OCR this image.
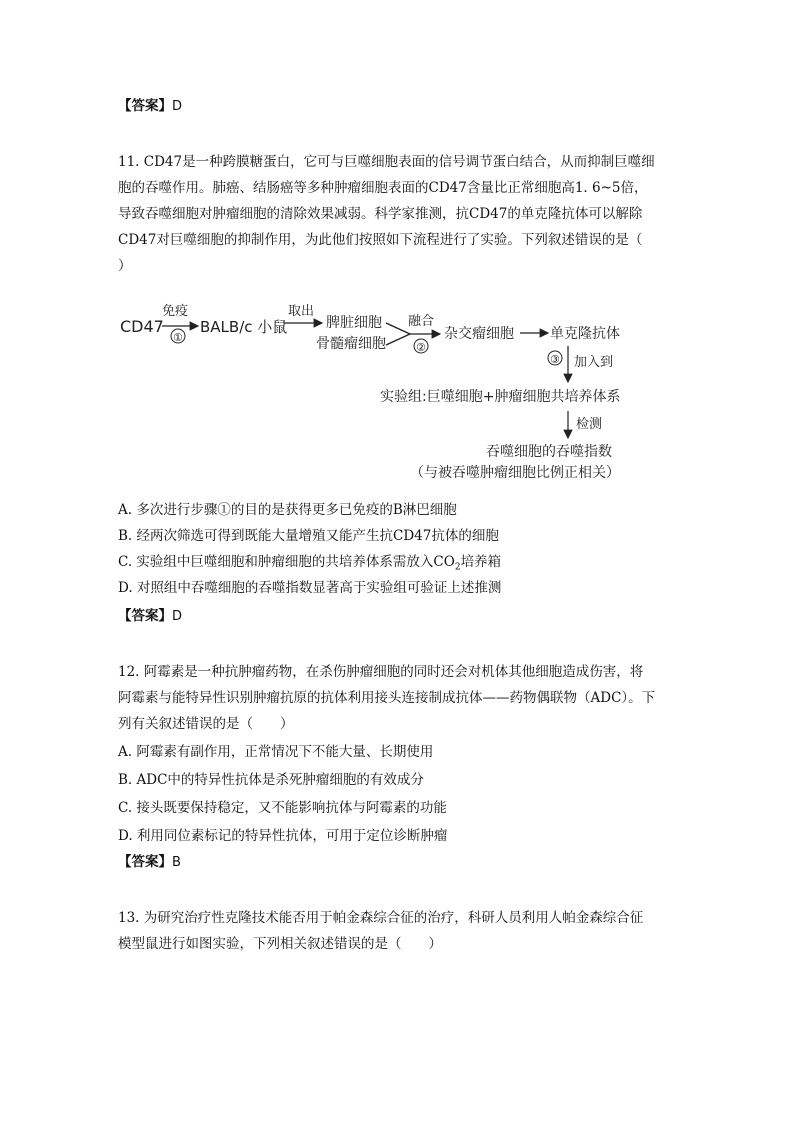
【答案】D
11. CD47是一种跨膜糖蛋白，它可与巨噬细胞表面的信号调节蛋白结合，从而抑制巨噬细
胞的吞噬作用。肺癌、结肠癌等多种肿瘤细胞表面的CD47含量比正常细胞高1. 6~5倍，
导致吞噬细胞对肿瘤细胞的清除效果减弱。科学家推测，抗CD47的单克隆抗体可以解除
CD47对巨噬细胞的抑制作用，为此他们按照如下流程进行了实验。下列叙述错误的是（
）
CD47
免疫
①
BALB/c 小鼠
取出
脾脏细胞
骨髓瘤细胞
融合
②
杂交瘤细胞	单克隆抗体
③ 加入到
实验组:巨噬细胞+肿瘤细胞共培养体系
检测
吞噬细胞的吞噬指数
（与被吞噬肿瘤细胞比例正相关）
A. 多次进行步骤①的目的是获得更多已免疫的B淋巴细胞
B. 经两次筛选可得到既能大量增殖又能产生抗CD47抗体的细胞
C. 实验组中巨噬细胞和肿瘤细胞的共培养体系需放入$CO_2$培养箱
D. 对照组中吞噬细胞的吞噬指数显著高于实验组可验证上述推测
【答案】D
12. 阿霉素是一种抗肿瘤药物，在杀伤肿瘤细胞的同时还会对机体其他细胞造成伤害，将
阿霉素与能特异性识别肿瘤抗原的抗体利用接头连接制成抗体——药物偶联物（ADC）。下
列有关叙述错误的是（　　）
A. 阿霉素有副作用，正常情况下不能大量、长期使用
B. ADC中的特异性抗体是杀死肿瘤细胞的有效成分
C. 接头既要保持稳定，又不能影响抗体与阿霉素的功能
D. 利用同位素标记的特异性抗体，可用于定位诊断肿瘤
【答案】B
13. 为研究治疗性克隆技术能否用于帕金森综合征的治疗，科研人员利用人帕金森综合征
模型鼠进行如图实验，下列相关叙述错误的是（　　）
